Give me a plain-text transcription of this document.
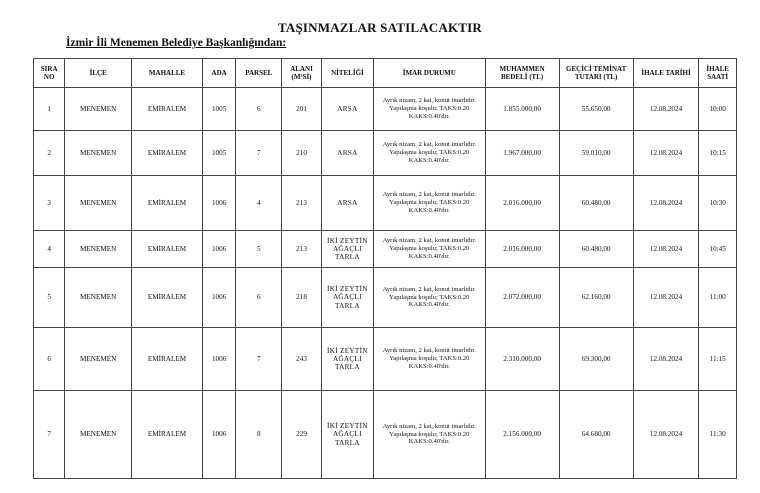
TAŞINMAZLAR SATILACAKTIR
İzmir İli Menemen Belediye Başkanlığından:
SIRA NO	İLÇE	MAHALLE	ADA	PARSEL	ALANI (M²Sİ)	NİTELİĞİ	İMAR DURUMU	MUHAMMEN BEDELİ (TL)	GEÇİCİ TEMİNAT TUTARI (TL)	İHALE TARİHİ	İHALE SAATİ
1	MENEMEN	EMİRALEM	1005	6	201	ARSA	Ayrık nizam, 2 kat, konut imarlıdır. Yapılaşma koşulu; TAKS:0.20 KAKS:0.40'dır.	1.855.000,00	55.650,00	12.08.2024	10:00
2	MENEMEN	EMİRALEM	1005	7	210	ARSA	Ayrık nizam, 2 kat, konut imarlıdır. Yapılaşma koşulu; TAKS:0.20 KAKS:0.40'dır.	1.967.000,00	59.010,00	12.08.2024	10:15
3	MENEMEN	EMİRALEM	1006	4	213	ARSA	Ayrık nizam, 2 kat, konut imarlıdır. Yapılaşma koşulu; TAKS:0.20 KAKS:0.40'dır.	2.016.000,00	60.480,00	12.08.2024	10:30
4	MENEMEN	EMİRALEM	1006	5	213	İKİ ZEYTİN AĞAÇLI TARLA	Ayrık nizam, 2 kat, konut imarlıdır. Yapılaşma koşulu; TAKS:0.20 KAKS:0.40'dır.	2.016.000,00	60.480,00	12.08.2024	10:45
5	MENEMEN	EMİRALEM	1006	6	218	İKİ ZEYTİN AĞAÇLI TARLA	Ayrık nizam, 2 kat, konut imarlıdır. Yapılaşma koşulu; TAKS:0.20 KAKS:0.40'dır.	2.072.000,00	62.160,00	12.08.2024	11:00
6	MENEMEN	EMİRALEM	1006	7	243	İKİ ZEYTİN AĞAÇLI TARLA	Ayrık nizam, 2 kat, konut imarlıdır. Yapılaşma koşulu; TAKS:0.20 KAKS:0.40'dır.	2.310.000,00	69.300,00	12.08.2024	11:15
7	MENEMEN	EMİRALEM	1006	8	229	İKİ ZEYTİN AĞAÇLI TARLA	Ayrık nizam, 2 kat, konut imarlıdır. Yapılaşma koşulu; TAKS:0.20 KAKS:0.40'dır.	2.156.000,00	64.680,00	12.08.2024	11:30
